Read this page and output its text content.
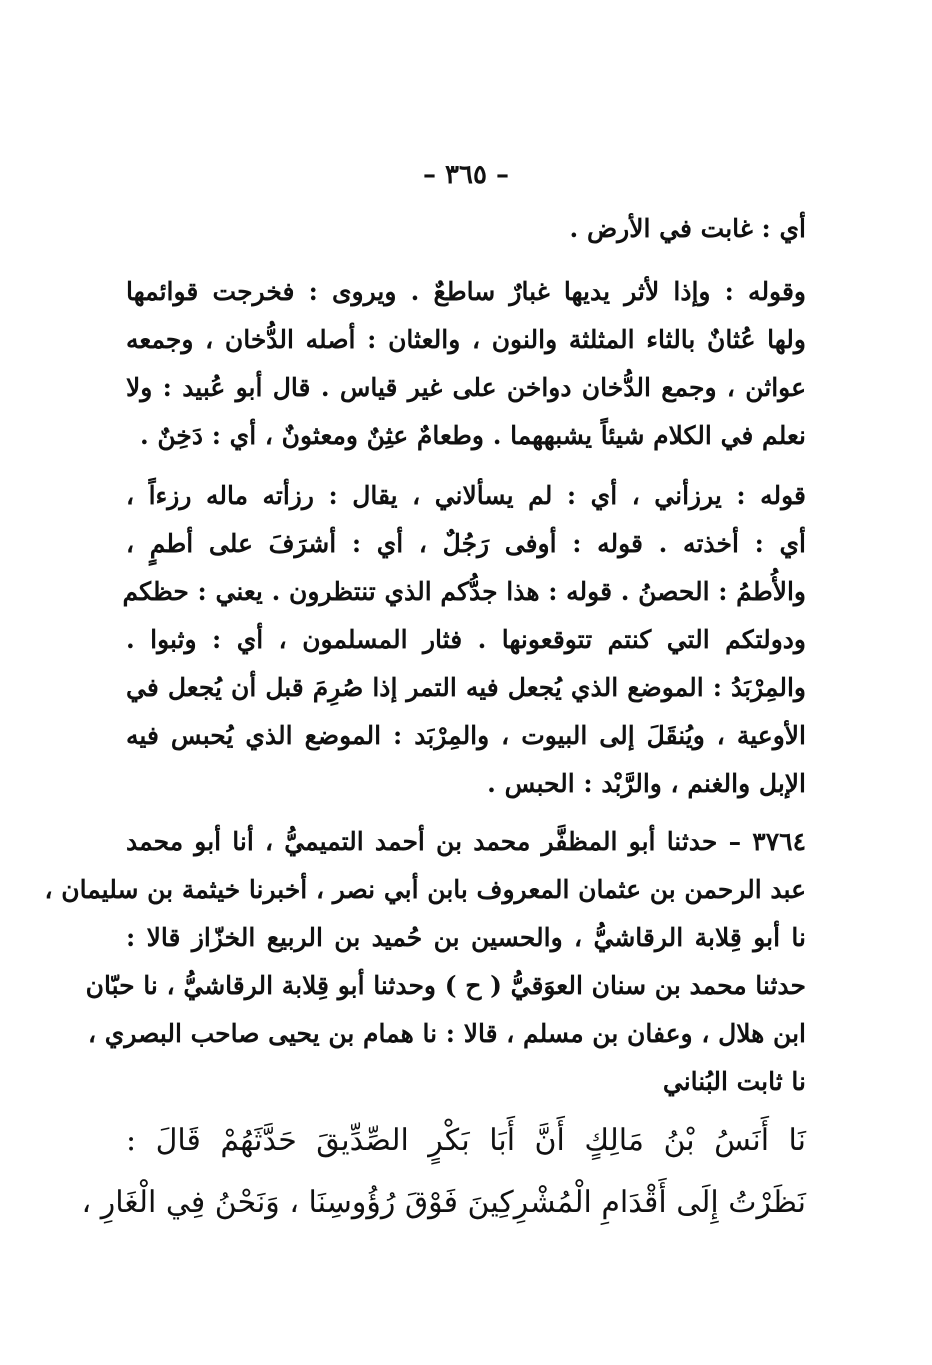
– ٣٦٥ –
أي : غابت في الأرض .
وقوله : وإذا لأثر يديها غبارٌ ساطعٌ . ويروى : فخرجت قوائمها
ولها عُثانٌ بالثاء المثلثة والنون ، والعثان : أصله الدُّخان ، وجمعه
عواثن ، وجمع الدُّخان دواخن على غير قياس . قال أبو عُبيد : ولا
نعلم في الكلام شيئاً يشبههما . وطعامٌ عثِنٌ ومعثونٌ ، أي : دَخِنٌ .
قوله : يرزأني ، أي : لم يسألاني ، يقال : رزأته ماله رزءاً ،
أي : أخذته . قوله : أوفى رَجُلٌ ، أي : أشرَفَ على أطمٍ ،
والأُطمُ : الحصنُ . قوله : هذا جدُّكم الذي تنتظرون . يعني : حظكم
ودولتكم التي كنتم تتوقعونها . فثار المسلمون ، أي : وثبوا .
والمِرْبَدُ : الموضع الذي يُجعل فيه التمر إذا صُرِمَ قبل أن يُجعل في
الأوعية ، ويُنقَلَ إلى البيوت ، والمِرْبَد : الموضع الذي يُحبس فيه
الإبل والغنم ، والرَّبْد : الحبس .
٣٧٦٤ – حدثنا أبو المظفَّر محمد بن أحمد التميميُّ ، أنا أبو محمد
عبد الرحمن بن عثمان المعروف بابن أبي نصر ، أخبرنا خيثمة بن سليمان ،
نا أبو قِلابة الرقاشيُّ ، والحسين بن حُميد بن الربيع الخزّاز قالا :
حدثنا محمد بن سنان العوَقيُّ ( ح ) وحدثنا أبو قِلابة الرقاشيُّ ، نا حبّان
ابن هلال ، وعفان بن مسلم ، قالا : نا همام بن يحيى صاحب البصري ،
نا ثابت البُناني
نَا أَنَسُ بْنُ مَالِكٍ أَنَّ أَبَا بَكْرٍ الصِّدِّيقَ حَدَّثَهُمْ قَالَ :
نَظَرْتُ إِلَى أَقْدَامِ الْمُشْرِكِينَ فَوْقَ رُؤُوسِنَا ، وَنَحْنُ فِي الْغَارِ ،
